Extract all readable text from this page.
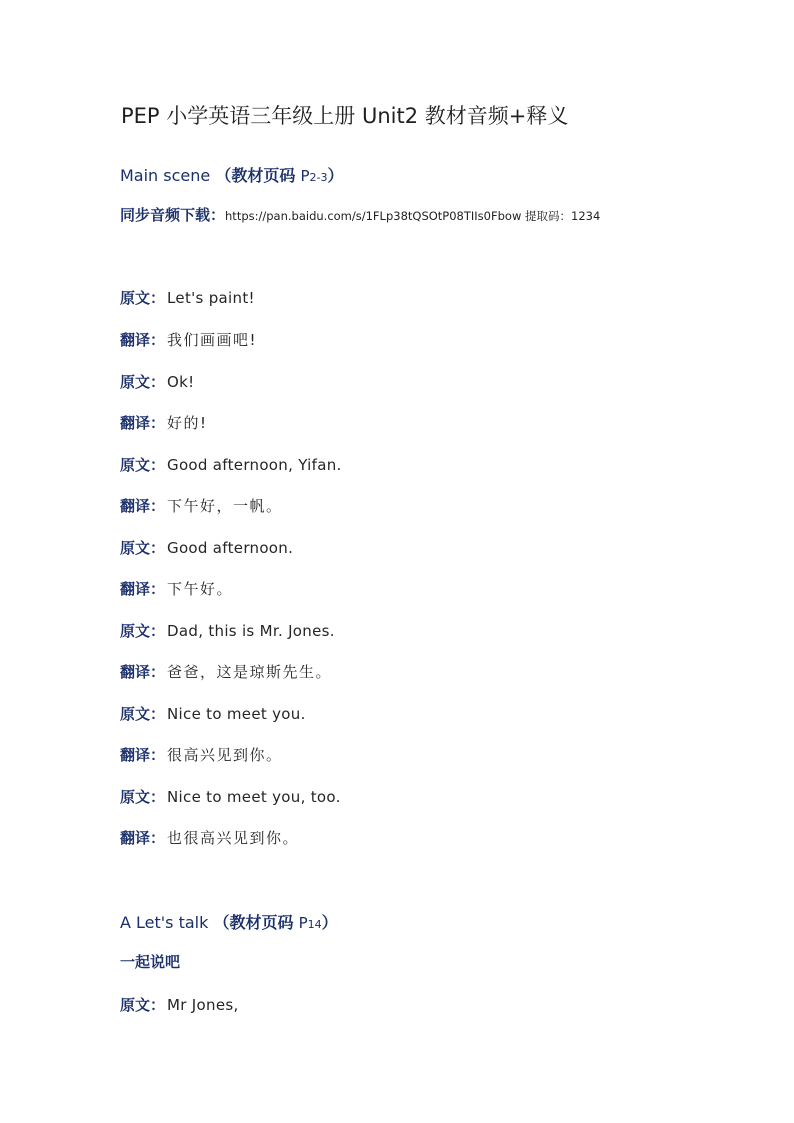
PEP 小学英语三年级上册 Unit2 教材音频+释义
Main scene （教材页码 P2-3）
同步音频下载：https://pan.baidu.com/s/1FLp38tQSOtP08TIIs0Fbow 提取码：1234
原文： Let's paint!
翻译： 我们画画吧!
原文： Ok!
翻译： 好的!
原文： Good afternoon, Yifan.
翻译： 下午好，一帆。
原文： Good afternoon.
翻译： 下午好。
原文： Dad, this is Mr. Jones.
翻译： 爸爸，这是琼斯先生。
原文： Nice to meet you.
翻译： 很高兴见到你。
原文： Nice to meet you, too.
翻译： 也很高兴见到你。
A Let's talk （教材页码 P14）
一起说吧
原文： Mr Jones,
